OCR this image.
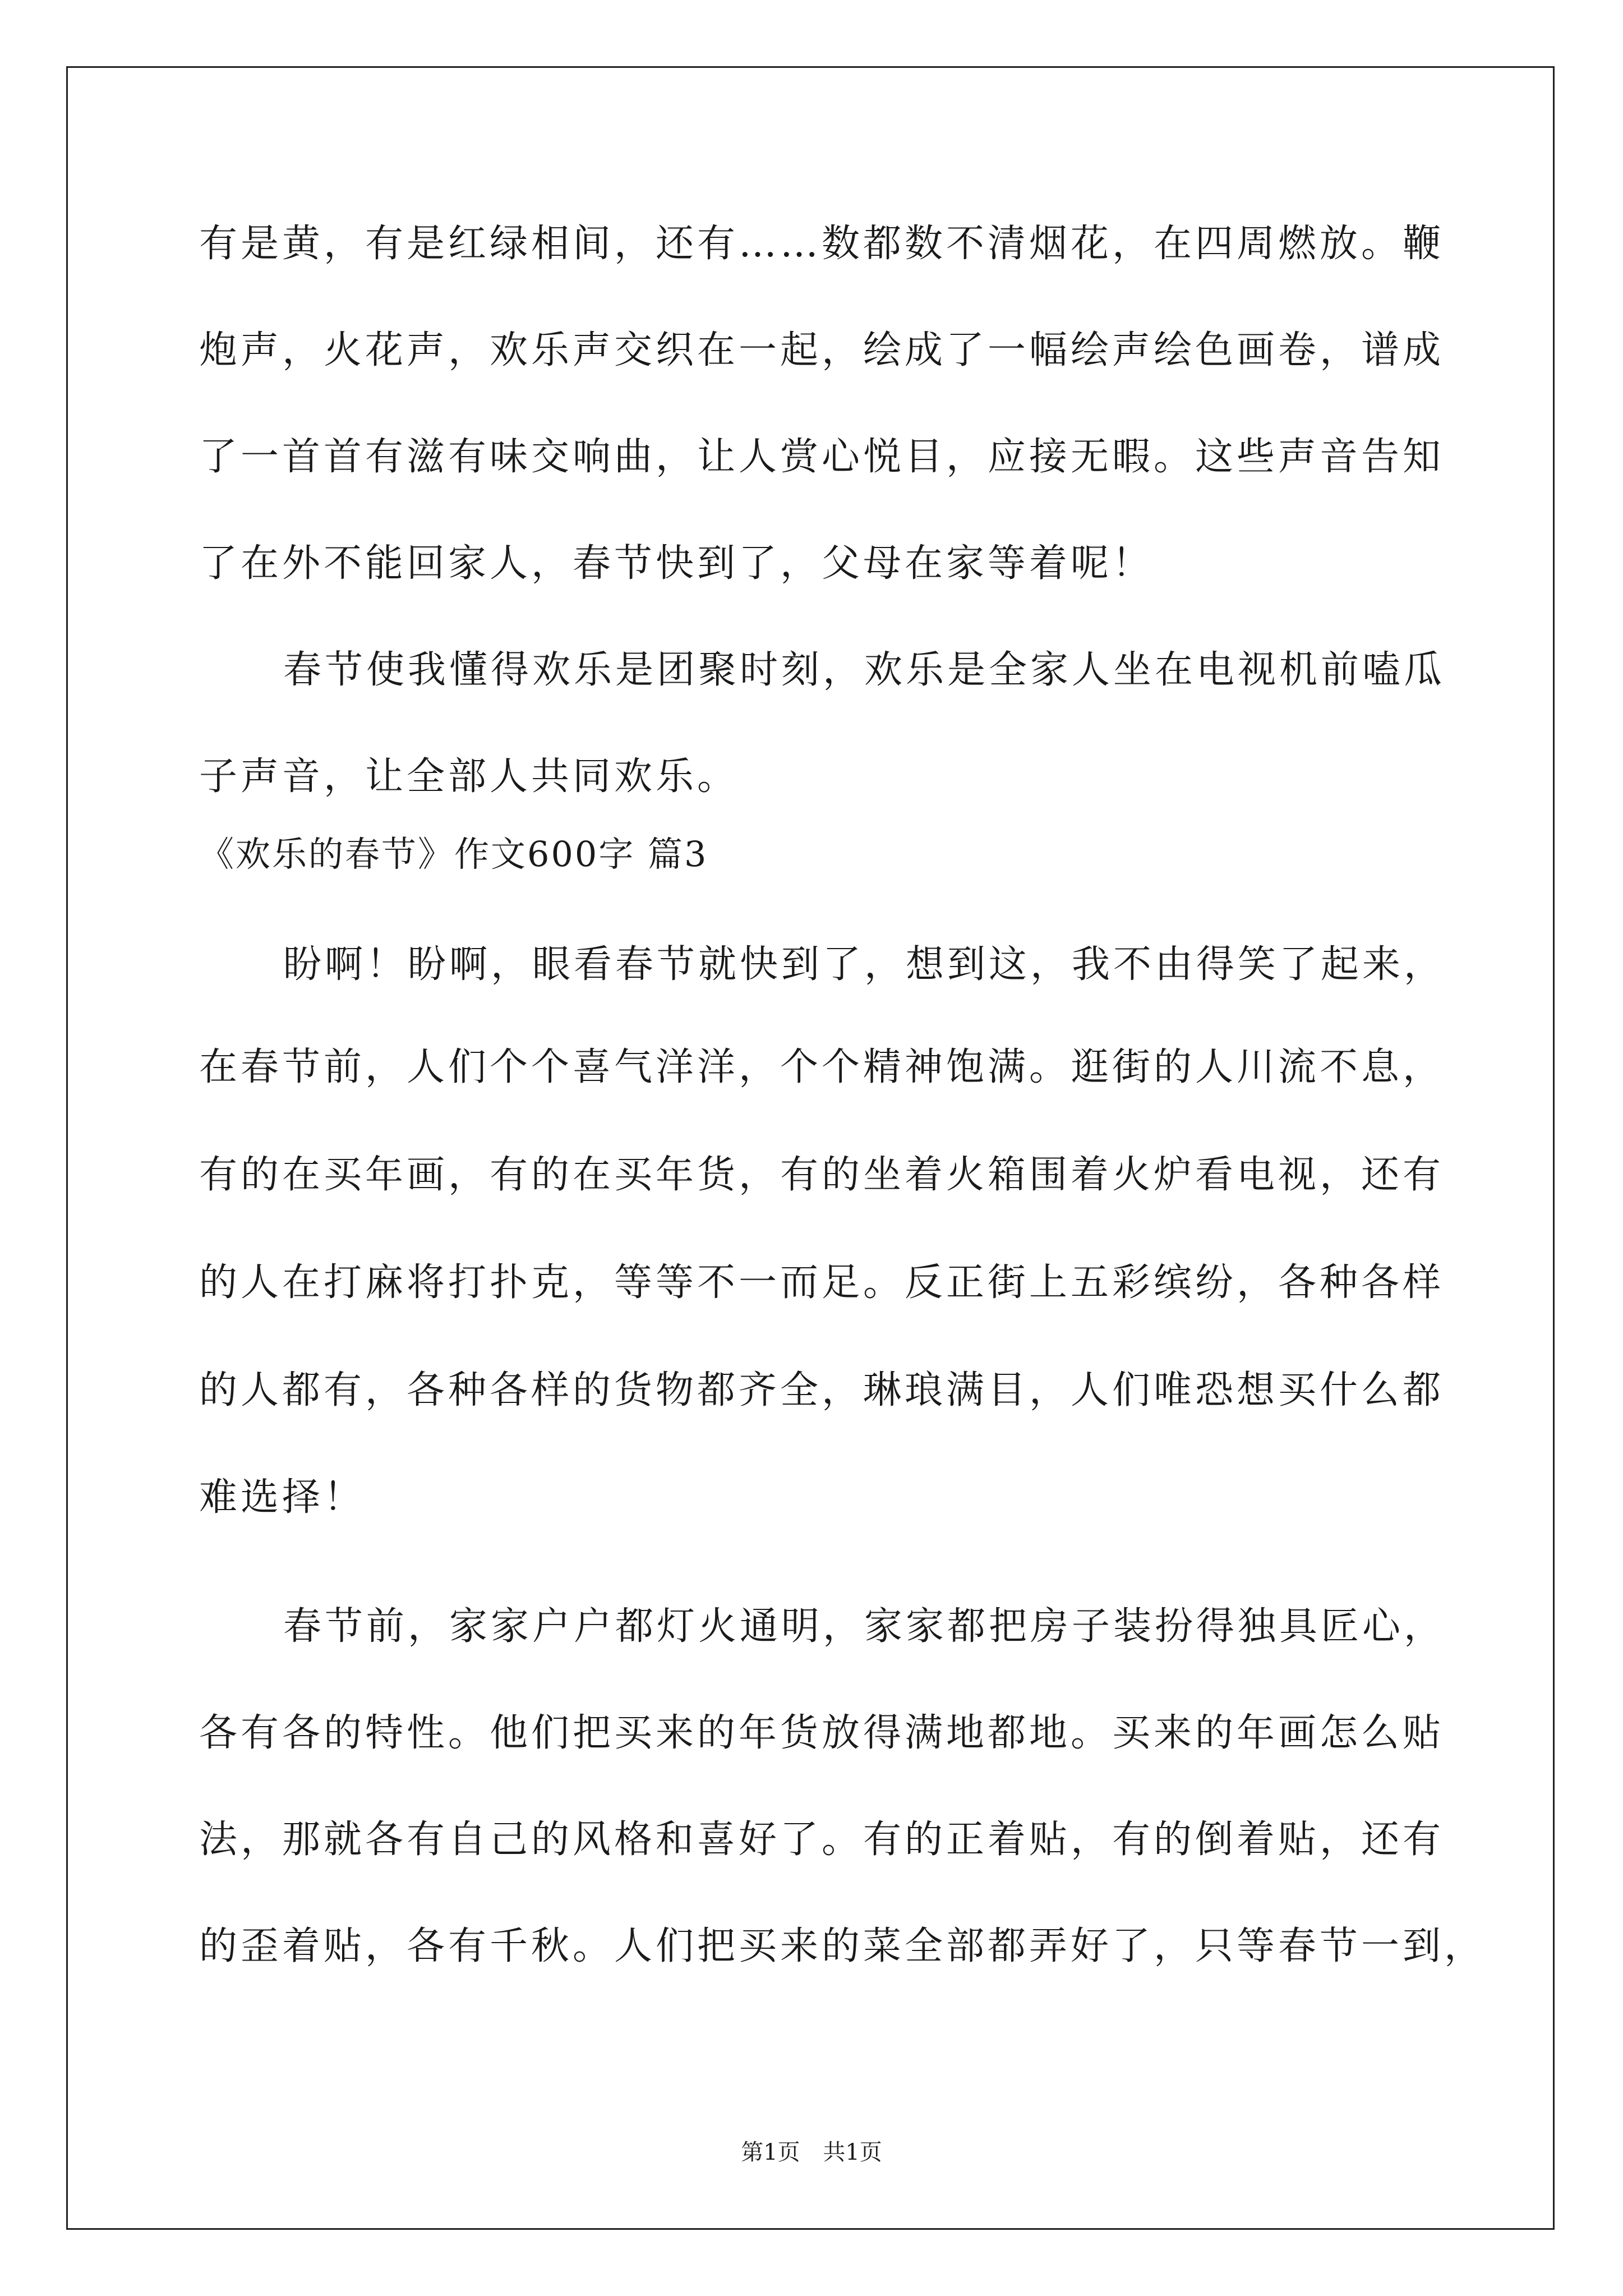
有是黄，有是红绿相间，还有……数都数不清烟花，在四周燃放。鞭
炮声，火花声，欢乐声交织在一起，绘成了一幅绘声绘色画卷，谱成
了一首首有滋有味交响曲，让人赏心悦目，应接无暇。这些声音告知
了在外不能回家人，春节快到了，父母在家等着呢！
春节使我懂得欢乐是团聚时刻，欢乐是全家人坐在电视机前嗑瓜
子声音，让全部人共同欢乐。
《欢乐的春节》作文600字 篇3
盼啊！盼啊，眼看春节就快到了，想到这，我不由得笑了起来，
在春节前，人们个个喜气洋洋，个个精神饱满。逛街的人川流不息，
有的在买年画，有的在买年货，有的坐着火箱围着火炉看电视，还有
的人在打麻将打扑克，等等不一而足。反正街上五彩缤纷，各种各样
的人都有，各种各样的货物都齐全，琳琅满目，人们唯恐想买什么都
难选择！
春节前，家家户户都灯火通明，家家都把房子装扮得独具匠心，
各有各的特性。他们把买来的年货放得满地都地。买来的年画怎么贴
法，那就各有自己的风格和喜好了。有的正着贴，有的倒着贴，还有
的歪着贴，各有千秋。人们把买来的菜全部都弄好了，只等春节一到，
第1页 共1页
